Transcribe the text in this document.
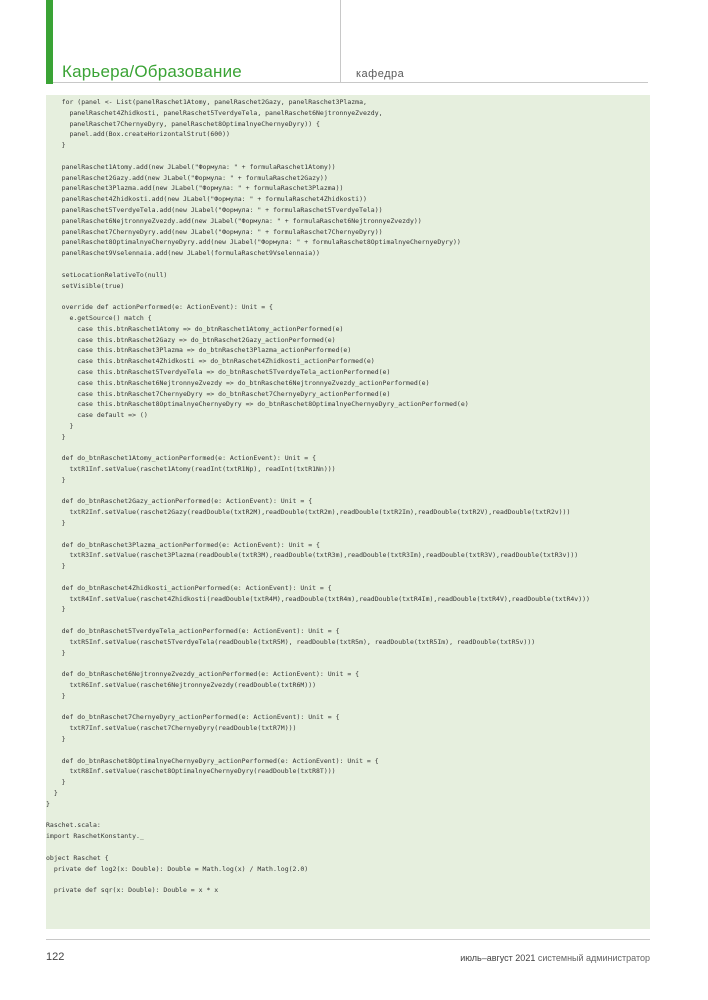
Карьера/Образование	кафедра
for (panel <- List(panelRaschet1Atomy, panelRaschet2Gazy, panelRaschet3Plazma,
panelRaschet4Zhidkosti, panelRaschet5TverdyeTela, panelRaschet6NejtronnyeZvezdy,
panelRaschet7ChernyeDyry, panelRaschet8OptimalnyeChernyeDyry)) {
panel.add(Box.createHorizontalStrut(600))
}

panelRaschet1Atomy.add(new JLabel("Формула: " + formulaRaschet1Atomy))
panelRaschet2Gazy.add(new JLabel("Формула: " + formulaRaschet2Gazy))
panelRaschet3Plazma.add(new JLabel("Формула: " + formulaRaschet3Plazma))
panelRaschet4Zhidkosti.add(new JLabel("Формула: " + formulaRaschet4Zhidkosti))
panelRaschet5TverdyeTela.add(new JLabel("Формула: " + formulaRaschet5TverdyeTela))
panelRaschet6NejtronnyeZvezdy.add(new JLabel("Формула: " + formulaRaschet6NejtronnyeZvezdy))
panelRaschet7ChernyeDyry.add(new JLabel("Формула: " + formulaRaschet7ChernyeDyry))
panelRaschet8OptimalnyeChernyeDyry.add(new JLabel("Формула: " + formulaRaschet8OptimalnyeChernyeDyry))
panelRaschet9Vselennaia.add(new JLabel(formulaRaschet9Vselennaia))

setLocationRelativeTo(null)
setVisible(true)

override def actionPerformed(e: ActionEvent): Unit = {
e.getSource() match {
case this.btnRaschet1Atomy => do_btnRaschet1Atomy_actionPerformed(e)
case this.btnRaschet2Gazy => do_btnRaschet2Gazy_actionPerformed(e)
case this.btnRaschet3Plazma => do_btnRaschet3Plazma_actionPerformed(e)
case this.btnRaschet4Zhidkosti => do_btnRaschet4Zhidkosti_actionPerformed(e)
case this.btnRaschet5TverdyeTela => do_btnRaschet5TverdyeTela_actionPerformed(e)
case this.btnRaschet6NejtronnyeZvezdy => do_btnRaschet6NejtronnyeZvezdy_actionPerformed(e)
case this.btnRaschet7ChernyeDyry => do_btnRaschet7ChernyeDyry_actionPerformed(e)
case this.btnRaschet8OptimalnyeChernyeDyry => do_btnRaschet8OptimalnyeChernyeDyry_actionPerformed(e)
case default => ()
}
}

def do_btnRaschet1Atomy_actionPerformed(e: ActionEvent): Unit = {
txtR1Inf.setValue(raschet1Atomy(readInt(txtR1Np), readInt(txtR1Nn)))
}

def do_btnRaschet2Gazy_actionPerformed(e: ActionEvent): Unit = {
txtR2Inf.setValue(raschet2Gazy(readDouble(txtR2M),readDouble(txtR2m),readDouble(txtR2Im),readDouble(txtR2V),readDouble(txtR2v)))
}

def do_btnRaschet3Plazma_actionPerformed(e: ActionEvent): Unit = {
txtR3Inf.setValue(raschet3Plazma(readDouble(txtR3M),readDouble(txtR3m),readDouble(txtR3Im),readDouble(txtR3V),readDouble(txtR3v)))
}

def do_btnRaschet4Zhidkosti_actionPerformed(e: ActionEvent): Unit = {
txtR4Inf.setValue(raschet4Zhidkosti(readDouble(txtR4M),readDouble(txtR4m),readDouble(txtR4Im),readDouble(txtR4V),readDouble(txtR4v)))
}

def do_btnRaschet5TverdyeTela_actionPerformed(e: ActionEvent): Unit = {
txtR5Inf.setValue(raschet5TverdyeTela(readDouble(txtR5M), readDouble(txtR5m), readDouble(txtR5Im), readDouble(txtR5v)))
}

def do_btnRaschet6NejtronnyeZvezdy_actionPerformed(e: ActionEvent): Unit = {
txtR6Inf.setValue(raschet6NejtronnyeZvezdy(readDouble(txtR6M)))
}

def do_btnRaschet7ChernyeDyry_actionPerformed(e: ActionEvent): Unit = {
txtR7Inf.setValue(raschet7ChernyeDyry(readDouble(txtR7M)))
}

def do_btnRaschet8OptimalnyeChernyeDyry_actionPerformed(e: ActionEvent): Unit = {
txtR8Inf.setValue(raschet8OptimalnyeChernyeDyry(readDouble(txtR8T)))
}
}
}

Raschet.scala:
import RaschetKonstanty._

object Raschet {
private def log2(x: Double): Double = Math.log(x) / Math.log(2.0)

private def sqr(x: Double): Double = x * x

122	июль–август 2021 системный администратор
